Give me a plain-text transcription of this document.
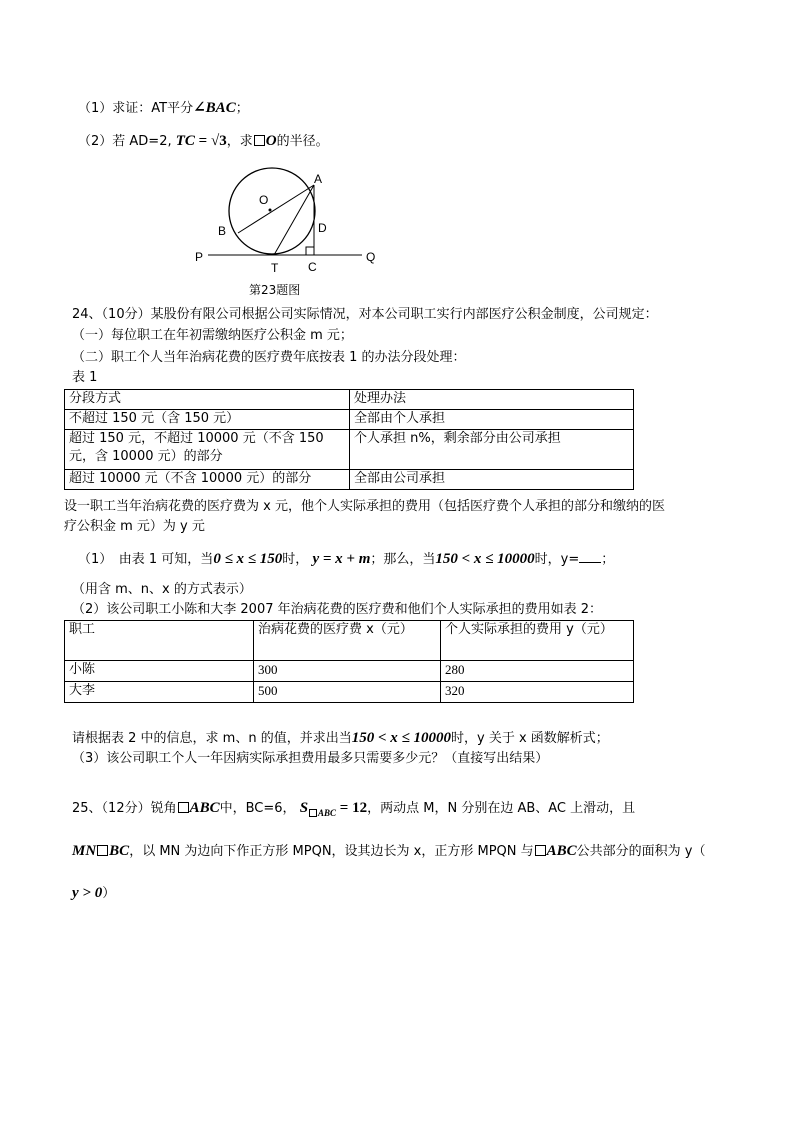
（1）求证：AT平分∠BAC；
（2）若 AD=2, TC = √3，求 O的半径。
O
A
B	D
P
T C
Q
第23题图
24、（10分）某股份有限公司根据公司实际情况，对本公司职工实行内部医疗公积金制度，公司规定：
（一）每位职工在年初需缴纳医疗公积金 m 元；
（二）职工个人当年治病花费的医疗费年底按表 1 的办法分段处理：
表 1
分段方式	处理办法
不超过 150 元（含 150 元）	全部由个人承担
超过 150 元，不超过 10000 元（不含 150 元，含 10000 元）的部分	个人承担 n%，剩余部分由公司承担
超过 10000 元（不含 10000 元）的部分	全部由公司承担
设一职工当年治病花费的医疗费为 x 元，他个人实际承担的费用（包括医疗费个人承担的部分和缴纳的医
疗公积金 m 元）为 y 元
（1）　由表 1 可知，当0 ≤ x ≤ 150时， y = x + m；那么，当150 < x ≤ 10000时，y= ；
（用含 m、n、x 的方式表示）
（2）该公司职工小陈和大李 2007 年治病花费的医疗费和他们个人实际承担的费用如表 2：
职工	治病花费的医疗费 x（元）	个人实际承担的费用 y（元）
小陈	300	280
大李	500	320
请根据表 2 中的信息，求 m、n 的值，并求出当150 < x ≤ 10000时，y 关于 x 函数解析式；
（3）该公司职工个人一年因病实际承担费用最多只需要多少元？（直接写出结果）
25、（12分）锐角 ABC中，BC=6， S $_{ABC}$ = 12，两动点 M，N 分别在边 AB、AC 上滑动，且
MN BC，以 MN 为边向下作正方形 MPQN，设其边长为 x，正方形 MPQN 与 ABC公共部分的面积为 y（
y > 0）
